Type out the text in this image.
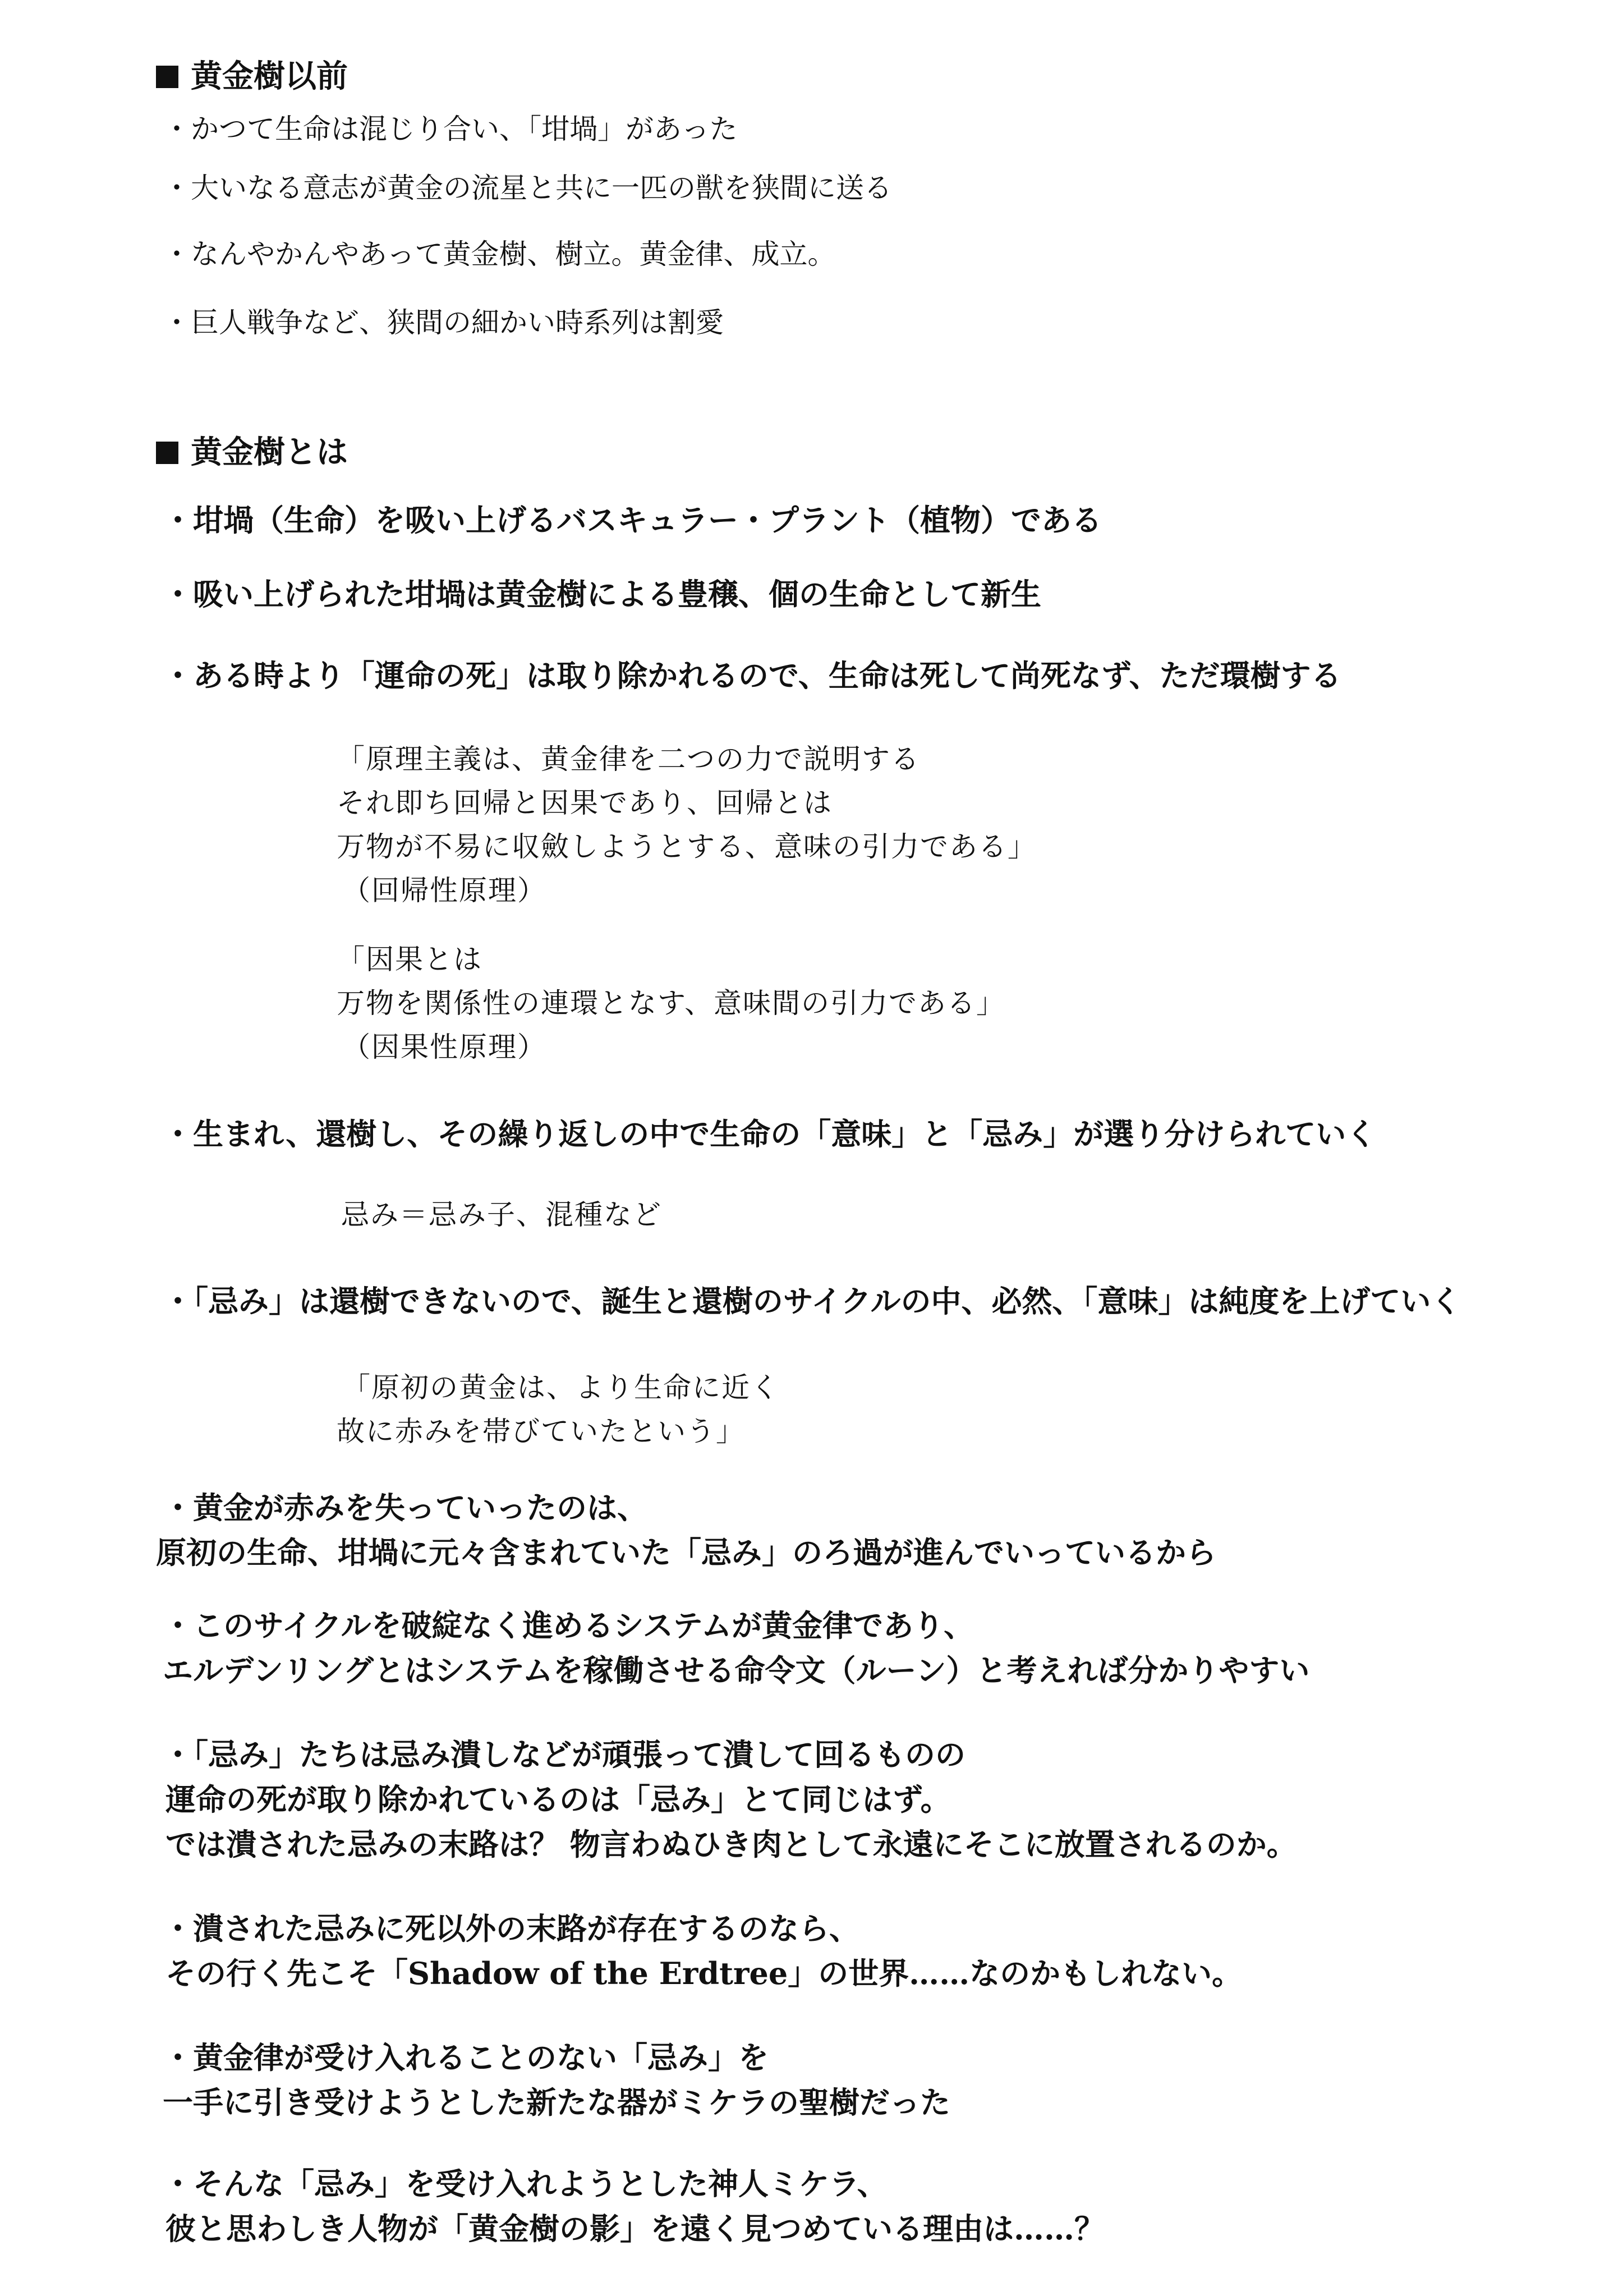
黄金樹以前
・かつて生命は混じり合い、「坩堝」があった
・大いなる意志が黄金の流星と共に一匹の獣を狭間に送る
・なんやかんやあって黄金樹、樹立。黄金律、成立。
・巨人戦争など、狭間の細かい時系列は割愛
黄金樹とは
・坩堝（生命）を吸い上げるバスキュラー・プラント（植物）である
・吸い上げられた坩堝は黄金樹による豊穣、個の生命として新生
・ある時より「運命の死」は取り除かれるので、生命は死して尚死なず、ただ環樹する
「原理主義は、黄金律を二つの力で説明する
それ即ち回帰と因果であり、回帰とは
万物が不易に収斂しようとする、意味の引力である」
（回帰性原理）
「因果とは
万物を関係性の連環となす、意味間の引力である」
（因果性原理）
・生まれ、還樹し、その繰り返しの中で生命の「意味」と「忌み」が選り分けられていく
忌み＝忌み子、混種など
・「忌み」は還樹できないので、誕生と還樹のサイクルの中、必然、「意味」は純度を上げていく
「原初の黄金は、より生命に近く
故に赤みを帯びていたという」
・黄金が赤みを失っていったのは、
原初の生命、坩堝に元々含まれていた「忌み」のろ過が進んでいっているから
・このサイクルを破綻なく進めるシステムが黄金律であり、
エルデンリングとはシステムを稼働させる命令文（ルーン）と考えれば分かりやすい
・「忌み」たちは忌み潰しなどが頑張って潰して回るものの
運命の死が取り除かれているのは「忌み」とて同じはず。
では潰された忌みの末路は？ 物言わぬひき肉として永遠にそこに放置されるのか。
・潰された忌みに死以外の末路が存在するのなら、
その行く先こそ「Shadow of the Erdtree」の世界……なのかもしれない。
・黄金律が受け入れることのない「忌み」を
一手に引き受けようとした新たな器がミケラの聖樹だった
・そんな「忌み」を受け入れようとした神人ミケラ、
彼と思わしき人物が「黄金樹の影」を遠く見つめている理由は……？
